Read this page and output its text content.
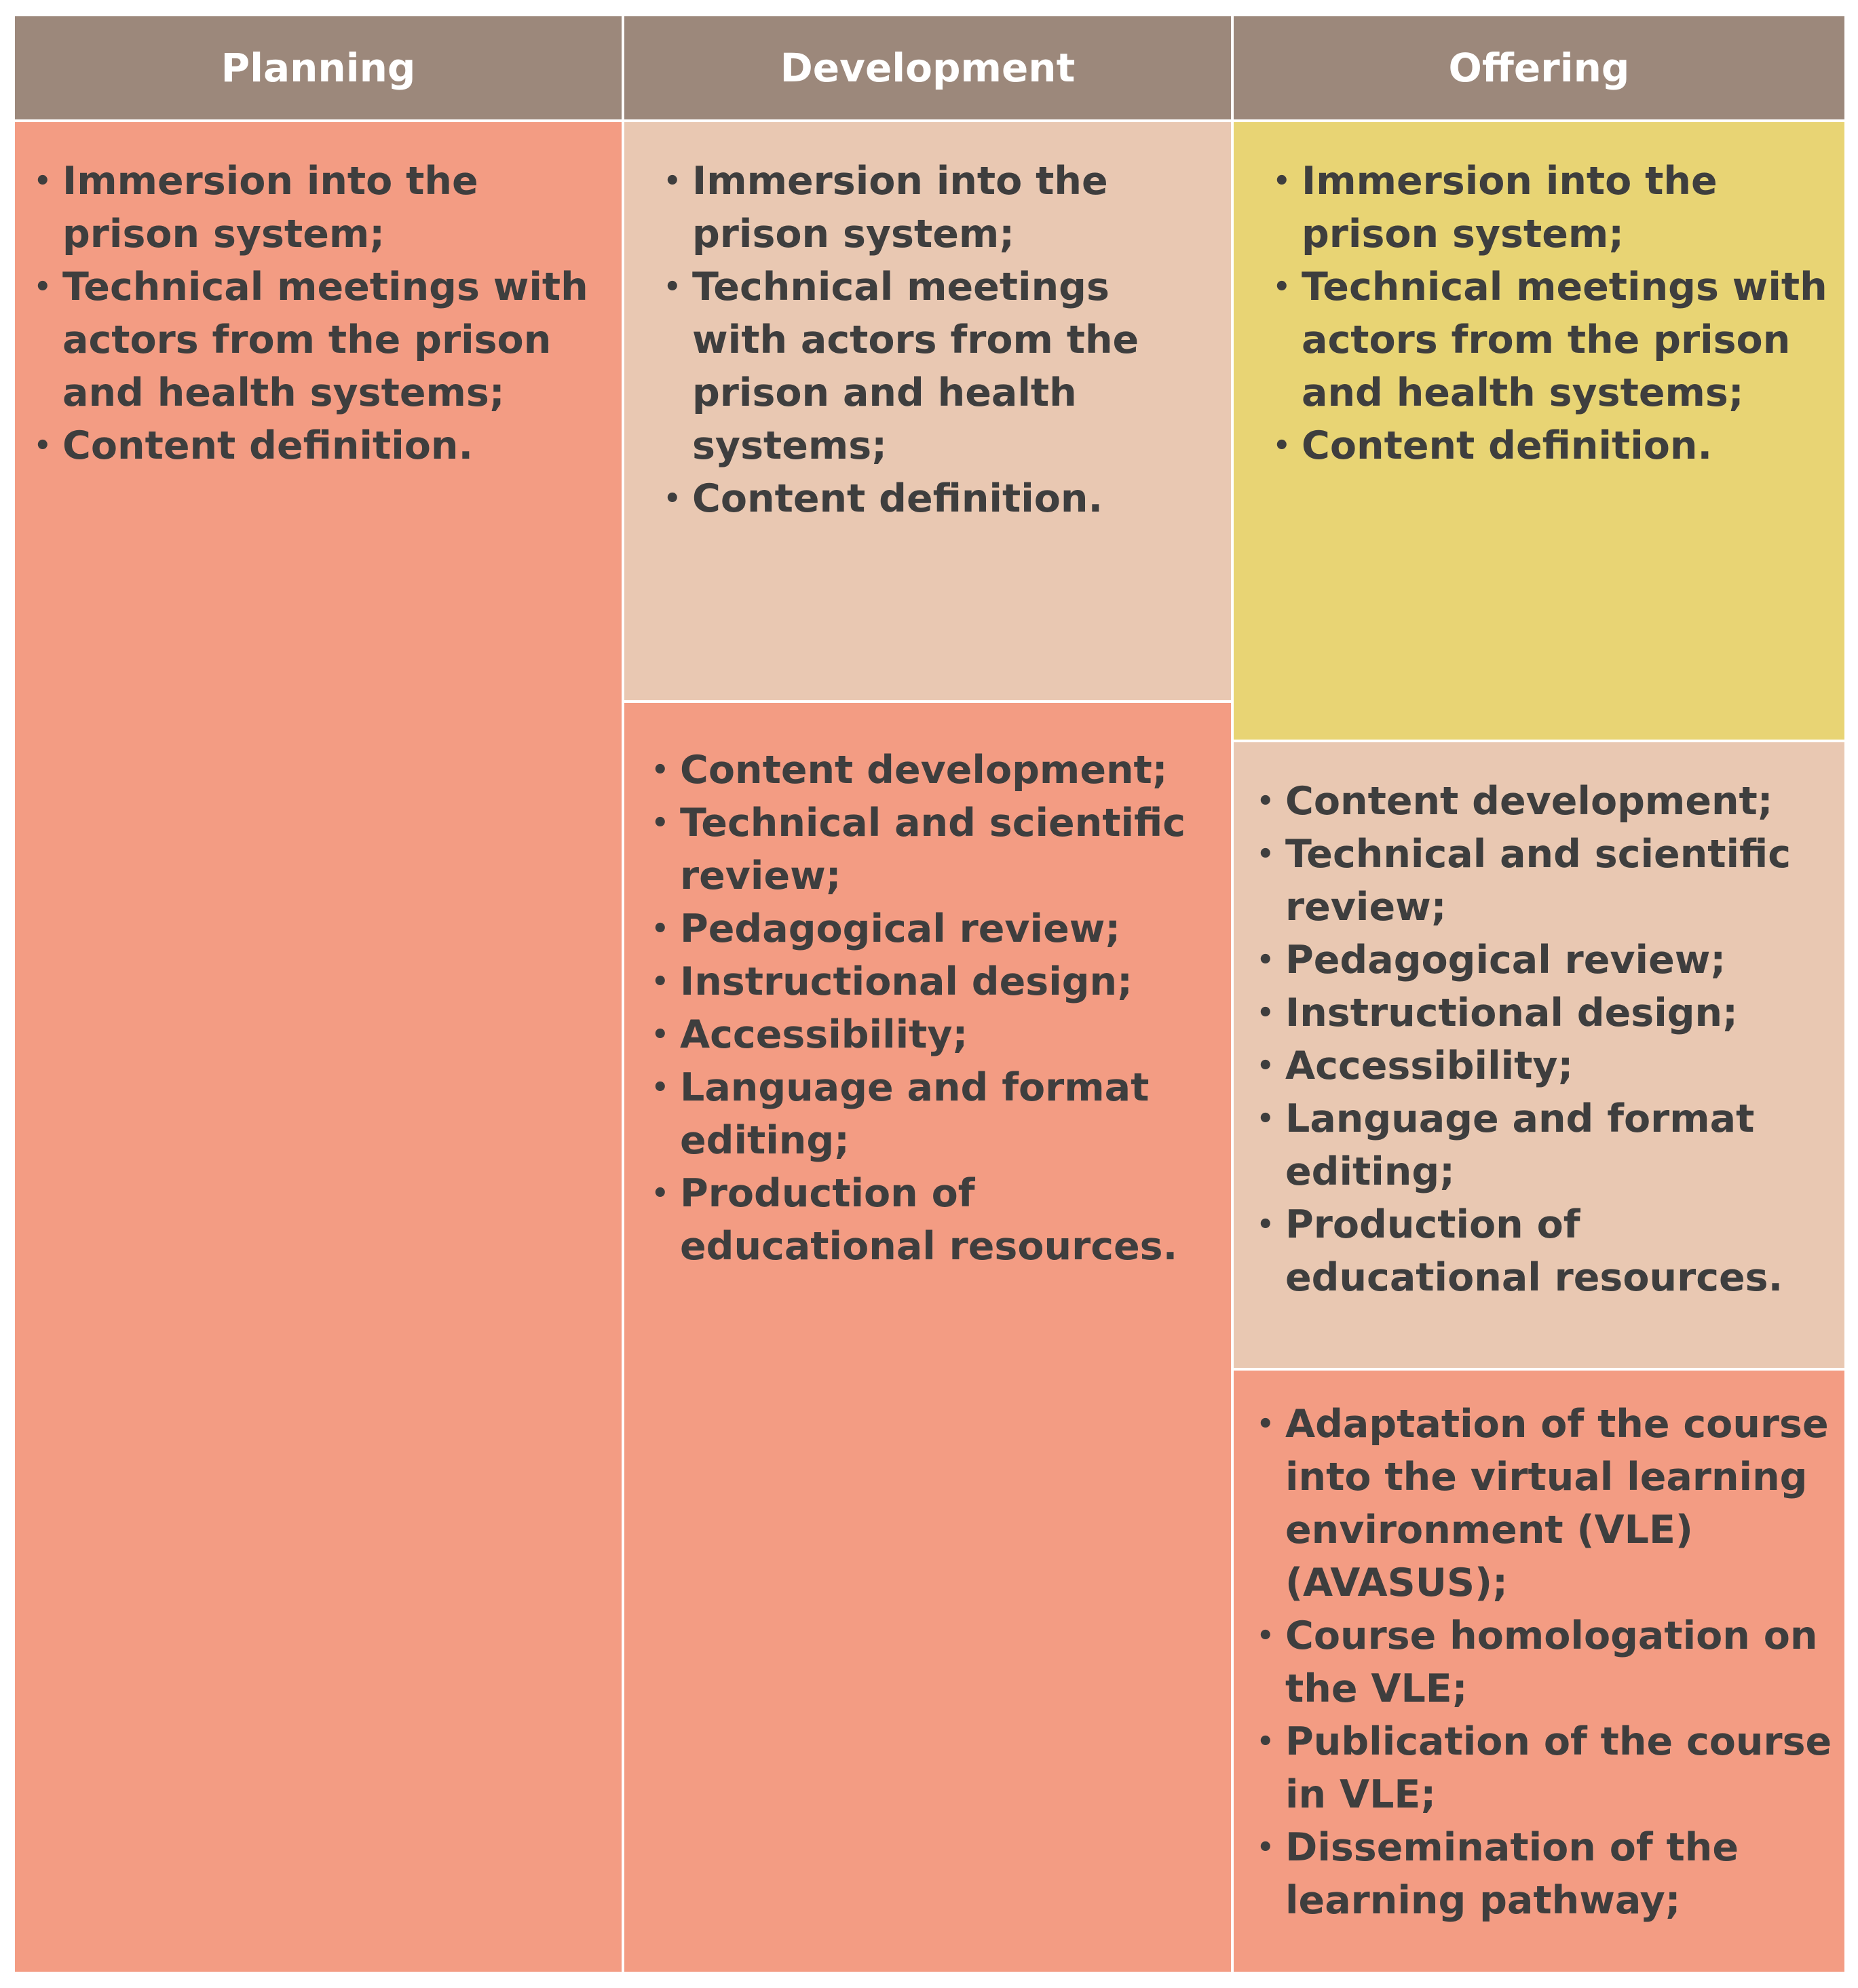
Planning	Development	Offering
• Immersion into the prison system;
• Technical meetings with actors from the prison and health systems;
• Content definition.
• Immersion into the prison system;
• Technical meetings with actors from the prison and health systems;
• Content definition.
• Content development;
• Technical and scientific review;
• Pedagogical review;
• Instructional design;
• Accessibility;
• Language and format editing;
• Production of educational resources.
• Immersion into the prison system;
• Technical meetings with actors from the prison and health systems;
• Content definition.
• Content development;
• Technical and scientific review;
• Pedagogical review;
• Instructional design;
• Accessibility;
• Language and format editing;
• Production of educational resources.
• Adaptation of the course into the virtual learning environment (VLE) (AVASUS);
• Course homologation on the VLE;
• Publication of the course in VLE;
• Dissemination of the learning pathway;
